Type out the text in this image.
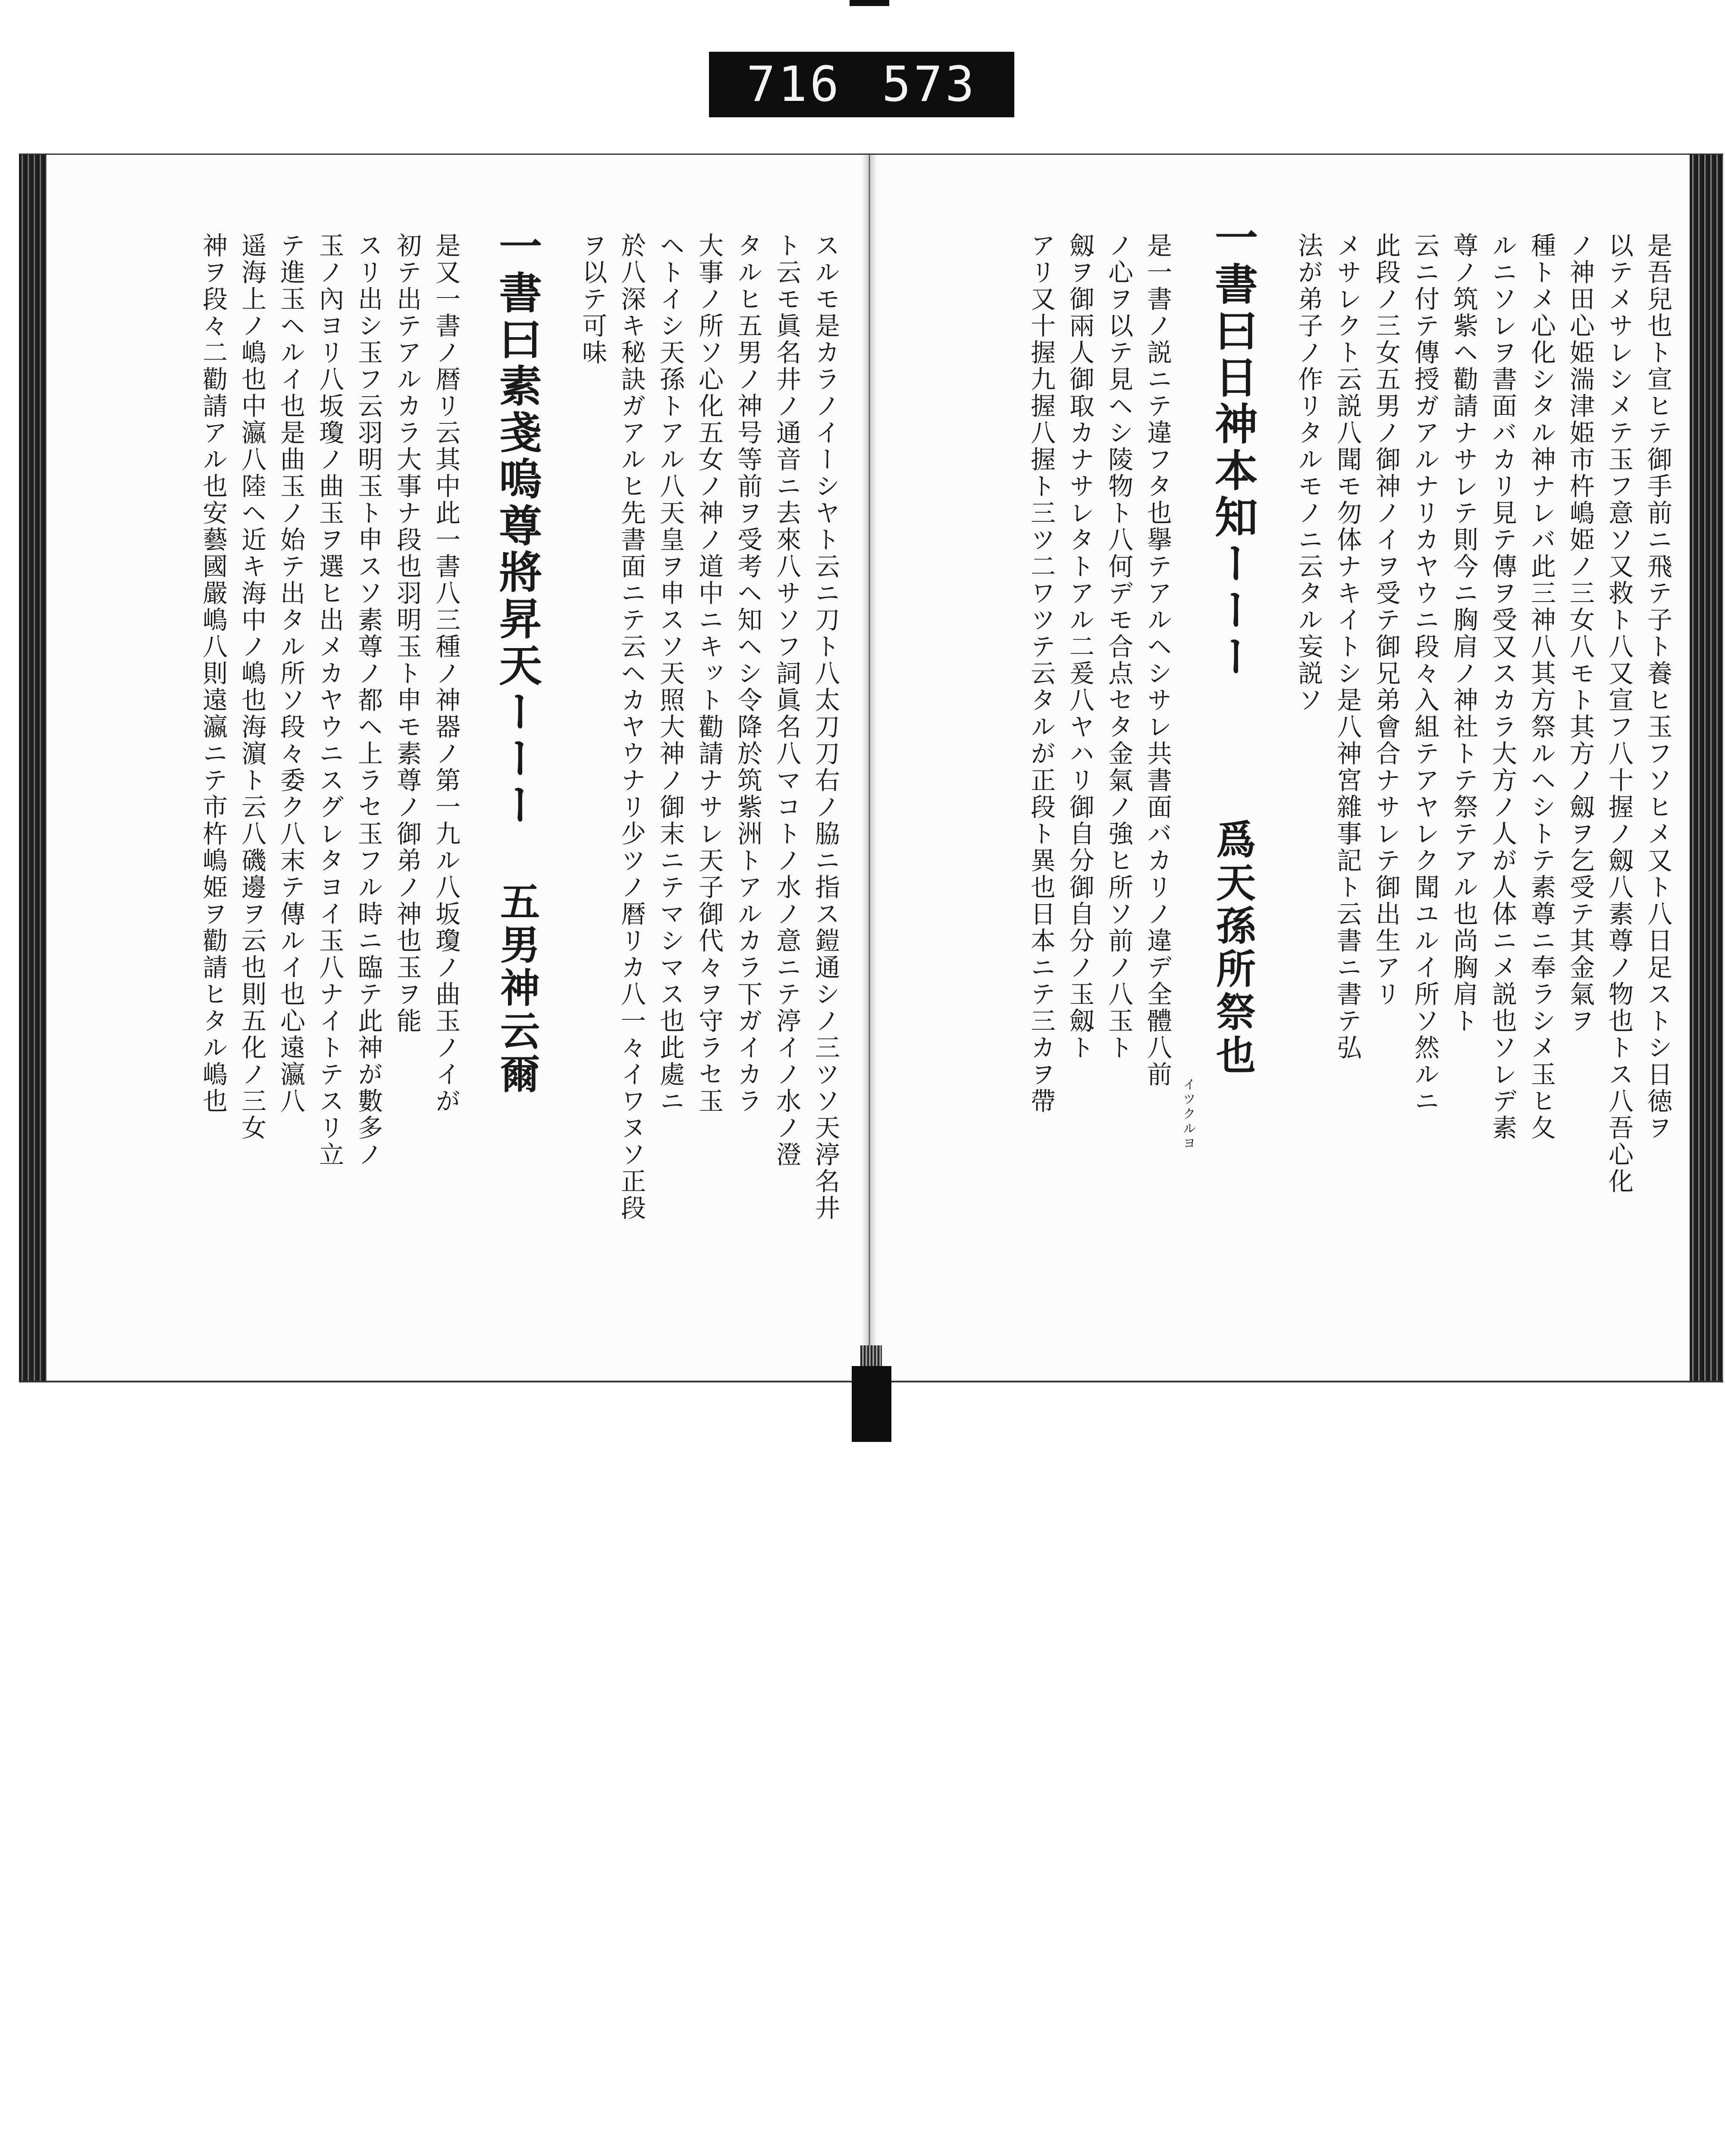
716 573
是吾兒也ト宣ヒテ御手前ニ飛テ子ト養ヒ玉フソヒメ又ト八日足ストシ日徳ヲ
以テメサレシメテ玉フ意ソ又救ト八又宣フ八十握ノ劔八素尊ノ物也トス八吾心化
ノ神田心姫湍津姫市杵嶋姫ノ三女八モト其方ノ劔ヲ乞受テ其金氣ヲ
種トメ心化シタル神ナレバ此三神八其方祭ルヘシトテ素尊ニ奉ラシメ玉ヒ夂
ルニソレヲ書面バカリ見テ傳ヲ受又スカラ大方ノ人が人体ニメ説也ソレデ素
尊ノ筑紫ヘ勸請ナサレテ則今ニ胸肩ノ神社トテ祭テアル也尚胸肩ト
云ニ付テ傳授ガアルナリカヤウニ段々入組テアヤレク聞ユルイ所ソ然ルニ
此段ノ三女五男ノ御神ノイヲ受テ御兄弟會合ナサレテ御出生アリ
メサレクト云説八聞モ勿体ナキイトシ是八神宮雜事記ト云書ニ書テ弘
法が弟子ノ作リタルモノニ云タル妄説ソ
一書曰日神本知ーーー爲天孫所祭也
イツクルヨ
是一書ノ説ニテ違フタ也擧テアルヘシサレ共書面バカリノ違デ全體八前
ノ心ヲ以テ見ヘシ陵物ト八何デモ合点セタ金氣ノ強ヒ所ソ前ノ八玉ト
劔ヲ御兩人御取カナサレタトアル二爰八ヤハリ御自分御自分ノ玉劔ト
アリ又十握九握八握ト三ツ二ワツテ云タルが正段ト異也日本ニテ三カヲ帶
スルモ是カラノイーシヤト云ニ刀ト八太刀刀右ノ脇ニ指ス鎧通シノ三ツソ天渟名井
ト云モ眞名井ノ通音ニ去來八サソフ詞眞名八マコトノ水ノ意ニテ渟イノ水ノ澄
タルヒ五男ノ神号等前ヲ受考ヘ知ヘシ令降於筑紫洲トアルカラ下ガイカラ
大事ノ所ソ心化五女ノ神ノ道中ニキット勸請ナサレ天子御代々ヲ守ラセ玉
ヘトイシ天孫トアル八天皇ヲ申スソ天照大神ノ御末ニテマシマス也此處ニ
於八深キ秘訣ガアルヒ先書面ニテ云ヘカヤウナリ少ツノ暦リカ八一々イワヌソ正段
ヲ以テ可味
一書曰素戔嗚尊將昇天ーーー五男神云爾
是又一書ノ暦リ云其中此一書八三種ノ神器ノ第一九ル八坂瓊ノ曲玉ノイが
初テ出テアルカラ大事ナ段也羽明玉ト申モ素尊ノ御弟ノ神也玉ヲ能
スリ出シ玉フ云羽明玉ト申スソ素尊ノ都ヘ上ラセ玉フル時ニ臨テ此神が數多ノ
玉ノ內ヨリ八坂瓊ノ曲玉ヲ選ヒ出メカヤウニスグレタヨイ玉八ナイトテスリ立
テ進玉ヘルイ也是曲玉ノ始テ出タル所ソ段々委ク八末テ傳ルイ也心遠瀛八
遥海上ノ嶋也中瀛八陸ヘ近キ海中ノ嶋也海濵ト云八磯邊ヲ云也則五化ノ三女
神ヲ段々二勸請アル也安藝國嚴嶋八則遠瀛ニテ市杵嶋姫ヲ勸請ヒタル嶋也
